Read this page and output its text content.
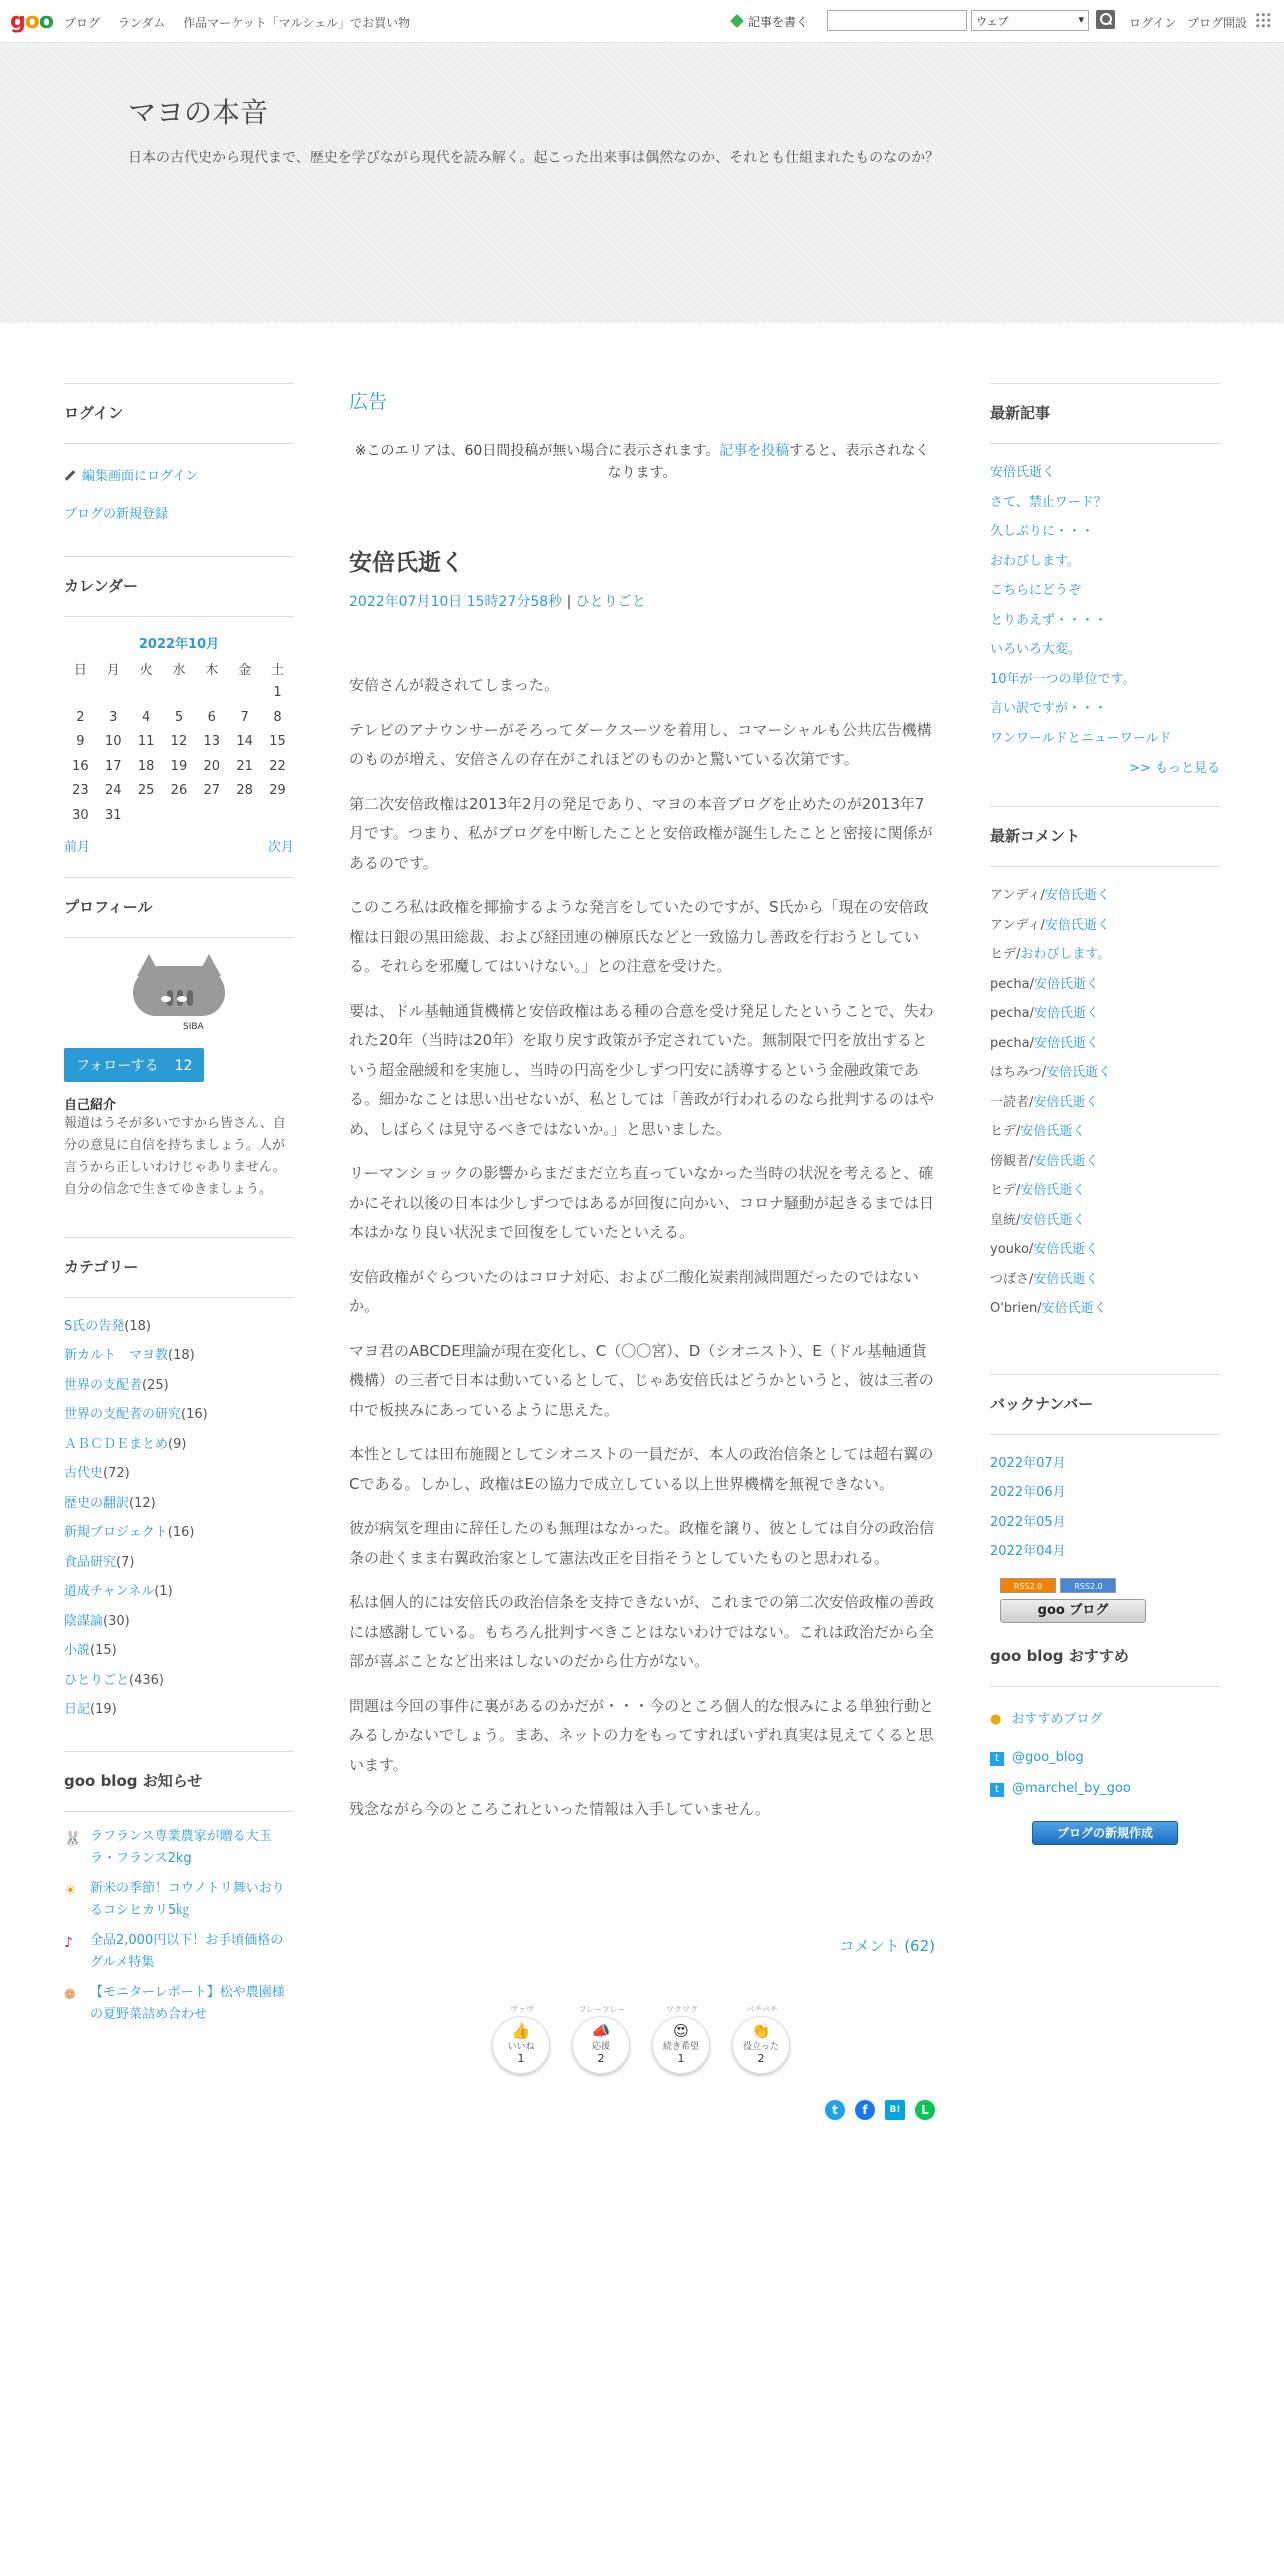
goo ブログ ランダム 作品マーケット「マルシェル」でお買い物	記事を書く	ウェブ ▾	ログイン ブログ開設
マヨの本音
日本の古代史から現代まで、歴史を学びながら現代を読み解く。起こった出来事は偶然なのか、それとも仕組まれたものなのか？
ログイン
編集画面にログイン
ブログの新規登録
カレンダー
2022年10月
日	月	火	水	木	金	土
						1
2	3	4	5	6	7	8
9	10	11	12	13	14	15
16	17	18	19	20	21	22
23	24	25	26	27	28	29
30	31					
前月	次月
プロフィール
SIBA
フォローする 12
自己紹介
報道はうそが多いですから皆さん、自分の意見に自信を持ちましょう。人が言うから正しいわけじゃありません。自分の信念で生きてゆきましょう。
カテゴリー
S氏の告発(18)
新カルト　マヨ教(18)
世界の支配者(25)
世界の支配者の研究(16)
ＡＢＣＤＥまとめ(9)
古代史(72)
歴史の翻訳(12)
新規プロジェクト(16)
食品研究(7)
道成チャンネル(1)
陰謀論(30)
小説(15)
ひとりごと(436)
日記(19)
goo blog お知らせ
🐰 ラフランス専業農家が贈る大玉ラ・フランス2kg
☀ 新米の季節！コウノトリ舞いおりるコシヒカリ5㎏
♪ 全品2,000円以下！お手頃価格のグルメ特集
❁ 【モニターレポート】松や農園様の夏野菜詰め合わせ
広告
※このエリアは、60日間投稿が無い場合に表示されます。記事を投稿すると、表示されなくなります。
安倍氏逝く
2022年07月10日 15時27分58秒 | ひとりごと

安倍さんが殺されてしまった。

テレビのアナウンサーがそろってダークスーツを着用し、コマーシャルも公共広告機構のものが増え、安倍さんの存在がこれほどのものかと驚いている次第です。

第二次安倍政権は2013年2月の発足であり、マヨの本音ブログを止めたのが2013年7月です。つまり、私がブログを中断したことと安倍政権が誕生したことと密接に関係があるのです。

このころ私は政権を揶揄するような発言をしていたのですが、S氏から「現在の安倍政権は日銀の黒田総裁、および経団連の榊原氏などと一致協力し善政を行おうとしている。それらを邪魔してはいけない。」との注意を受けた。

要は、ドル基軸通貨機構と安倍政権はある種の合意を受け発足したということで、失われた20年（当時は20年）を取り戻す政策が予定されていた。無制限で円を放出するという超金融緩和を実施し、当時の円高を少しずつ円安に誘導するという金融政策である。細かなことは思い出せないが、私としては「善政が行われるのなら批判するのはやめ、しばらくは見守るべきではないか。」と思いました。

リーマンショックの影響からまだまだ立ち直っていなかった当時の状況を考えると、確かにそれ以後の日本は少しずつではあるが回復に向かい、コロナ騒動が起きるまでは日本はかなり良い状況まで回復をしていたといえる。

安倍政権がぐらついたのはコロナ対応、および二酸化炭素削減問題だったのではないか。

マヨ君のABCDE理論が現在変化し、C（〇〇宮）、D（シオニスト）、E（ドル基軸通貨機構）の三者で日本は動いているとして、じゃあ安倍氏はどうかというと、彼は三者の中で板挟みにあっているように思えた。

本性としては田布施閥としてシオニストの一員だが、本人の政治信条としては超右翼のCである。しかし、政権はEの協力で成立している以上世界機構を無視できない。

彼が病気を理由に辞任したのも無理はなかった。政権を譲り、彼としては自分の政治信条の赴くまま右翼政治家として憲法改正を目指そうとしていたものと思われる。

私は個人的には安倍氏の政治信条を支持できないが、これまでの第二次安倍政権の善政には感謝している。もちろん批判すべきことはないわけではない。これは政治だから全部が喜ぶことなど出来はしないのだから仕方がない。

問題は今回の事件に裏があるのかだが・・・今のところ個人的な恨みによる単独行動とみるしかないでしょう。まあ、ネットの力をもってすればいずれ真実は見えてくると思います。

残念ながら今のところこれといった情報は入手していません。

コメント (62)
ヴァヴ
👍
いいね
1
フレーフレー
📣
応援
2
ワクワク
😍
続き希望
1
パチパチ
👏
役立った
2
t	f	B!	L
最新記事
安倍氏逝く
さて、禁止ワード？
久しぶりに・・・
おわびします。
こちらにどうぞ
とりあえず・・・・
いろいろ大変。
10年が一つの単位です。
言い訳ですが・・・
ワンワールドとニューワールド
>> もっと見る
最新コメント
アンディ/安倍氏逝く
アンディ/安倍氏逝く
ヒデ/おわびします。
pecha/安倍氏逝く
pecha/安倍氏逝く
pecha/安倍氏逝く
はちみつ/安倍氏逝く
一読者/安倍氏逝く
ヒデ/安倍氏逝く
傍観者/安倍氏逝く
ヒデ/安倍氏逝く
皇統/安倍氏逝く
youko/安倍氏逝く
つばさ/安倍氏逝く
O'brien/安倍氏逝く
バックナンバー
2022年07月
2022年06月
2022年05月
2022年04月
RSS2.0	RSS2.0
goo ブログ
goo blog おすすめ
● おすすめブログ
t @goo_blog
t @marchel_by_goo
ブログの新規作成
